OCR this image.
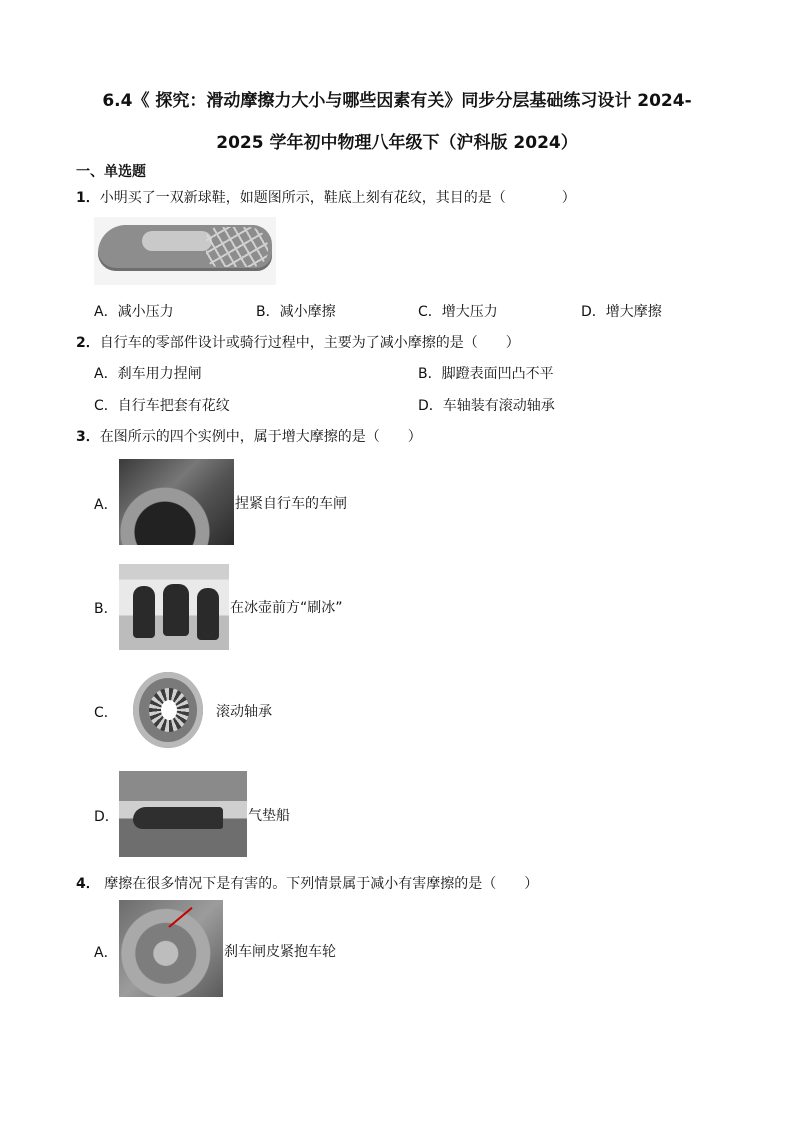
6.4《 探究：滑动摩擦力大小与哪些因素有关》同步分层基础练习设计 2024-
2025 学年初中物理八年级下（沪科版 2024）
一、单选题
1．小明买了一双新球鞋，如题图所示，鞋底上刻有花纹，其目的是（　　　　）
A．减小压力	B．减小摩擦	C．增大压力	D．增大摩擦
2．自行车的零部件设计或骑行过程中，主要为了减小摩擦的是（　　）
A．刹车用力捏闸	B．脚蹬表面凹凸不平
C．自行车把套有花纹	D．车轴装有滚动轴承
3．在图所示的四个实例中，属于增大摩擦的是（　　）
A．	捏紧自行车的车闸
B．	在冰壶前方“刷冰”
C．	滚动轴承
D．	气垫船
4． 摩擦在很多情况下是有害的。下列情景属于减小有害摩擦的是（　　）
A．	刹车闸皮紧抱车轮
